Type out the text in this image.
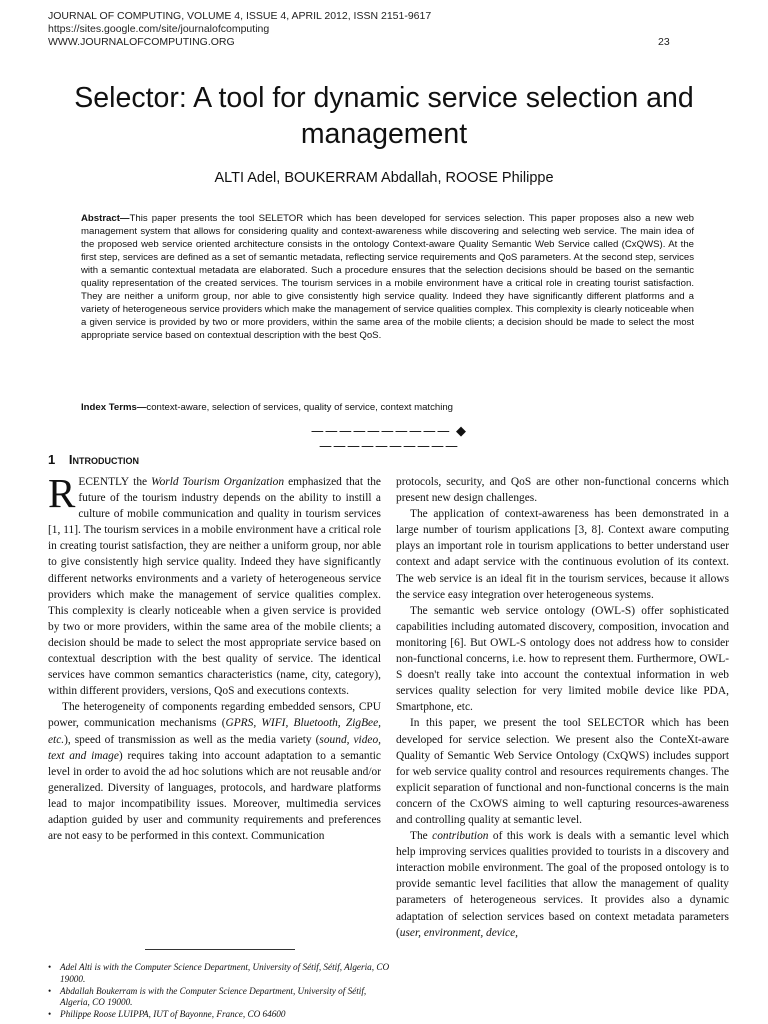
JOURNAL OF COMPUTING, VOLUME 4, ISSUE 4, APRIL 2012, ISSN 2151-9617
https://sites.google.com/site/journalofcomputing
WWW.JOURNALOFCOMPUTING.ORG	23
Selector: A tool for dynamic service selection and management
ALTI Adel, BOUKERRAM Abdallah, ROOSE Philippe
Abstract—This paper presents the tool SELETOR which has been developed for services selection. This paper proposes also a new web management system that allows for considering quality and context-awareness while discovering and selecting web service. The main idea of the proposed web service oriented architecture consists in the ontology Context-aware Quality Semantic Web Service called (CxQWS). At the first step, services are defined as a set of semantic metadata, reflecting service requirements and QoS parameters. At the second step, services with a semantic contextual metadata are elaborated. Such a procedure ensures that the selection decisions should be based on the semantic quality representation of the created services. The tourism services in a mobile environment have a critical role in creating tourist satisfaction. They are neither a uniform group, nor able to give consistently high service quality. Indeed they have significantly different platforms and a variety of heterogeneous service providers which make the management of service qualities complex. This complexity is clearly noticeable when a given service is provided by two or more providers, within the same area of the mobile clients; a decision should be made to select the most appropriate service based on contextual description with the best QoS.
Index Terms—context-aware, selection of services, quality of service, context matching
—————————— ◆ ——————————
1 Introduction

RECENTLY the World Tourism Organization emphasized that the future of the tourism industry depends on the ability to instill a culture of mobile communication and quality in tourism services [1, 11]. The tourism services in a mobile environment have a critical role in creating tourist satisfaction, they are neither a uniform group, nor able to give consistently high service quality. Indeed they have significantly different networks environments and a variety of heterogeneous service providers which make the management of service qualities complex. This complexity is clearly noticeable when a given service is provided by two or more providers, within the same area of the mobile clients; a decision should be made to select the most appropriate service based on contextual description with the best quality of service. The identical services have common semantics characteristics (name, city, category), within different providers, versions, QoS and executions contexts.

The heterogeneity of components regarding embedded sensors, CPU power, communication mechanisms (GPRS, WIFI, Bluetooth, ZigBee, etc.), speed of transmission as well as the media variety (sound, video, text and image) requires taking into account adaptation to a semantic level in order to avoid the ad hoc solutions which are not reusable and/or generalized. Diversity of languages, protocols, and hardware platforms lead to major incompatibility issues. Moreover, multimedia services adaption guided by user and community requirements and preferences are not easy to be performed in this context. Communication

protocols, security, and QoS are other non-functional concerns which present new design challenges.

The application of context-awareness has been demonstrated in a large number of tourism applications [3, 8]. Context aware computing plays an important role in tourism applications to better understand user context and adapt service with the continuous evolution of its context. The web service is an ideal fit in the tourism services, because it allows the service easy integration over heterogeneous systems.

The semantic web service ontology (OWL-S) offer sophisticated capabilities including automated discovery, composition, invocation and monitoring [6]. But OWL-S ontology does not address how to consider non-functional concerns, i.e. how to represent them. Furthermore, OWL-S doesn't really take into account the contextual information in web services quality selection for very limited mobile device like PDA, Smartphone, etc.

In this paper, we present the tool SELECTOR which has been developed for service selection. We present also the ConteXt-aware Quality of Semantic Web Service Ontology (CxQWS) includes support for web service quality control and resources requirements changes. The explicit separation of functional and non-functional concerns is the main concern of the CxOWS aiming to well capturing resources-awareness and controlling quality at semantic level.

The contribution of this work is deals with a semantic level which help improving services qualities provided to tourists in a discovery and interaction mobile environment. The goal of the proposed ontology is to provide semantic level facilities that allow the management of quality parameters of heterogeneous services. It provides also a dynamic adaptation of selection services based on context metadata parameters (user, environment, device,

• Adel Alti is with the Computer Science Department, University of Sétif, Sétif, Algeria, CO 19000.
• Abdallah Boukerram is with the Computer Science Department, University of Sétif, Algeria, CO 19000.
• Philippe Roose LUIPPA, IUT of Bayonne, France, CO 64600
